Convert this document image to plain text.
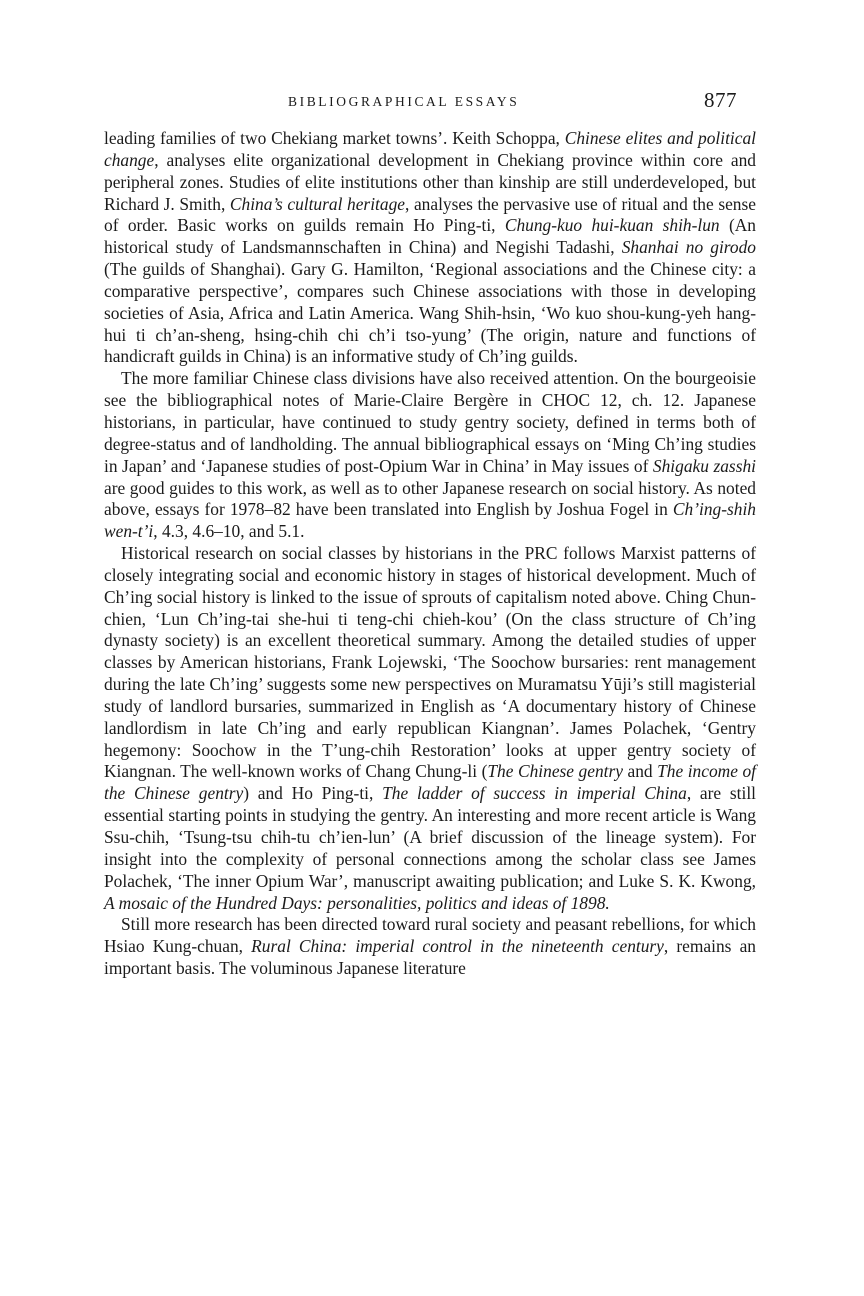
BIBLIOGRAPHICAL ESSAYS	877

leading families of two Chekiang market towns’. Keith Schoppa, Chinese elites and political change, analyses elite organizational development in Chekiang province within core and peripheral zones. Studies of elite institutions other than kinship are still underdeveloped, but Richard J. Smith, China’s cultural heritage, analyses the pervasive use of ritual and the sense of order. Basic works on guilds remain Ho Ping-ti, Chung-kuo hui-kuan shih-lun (An historical study of Landsmannschaften in China) and Negishi Tadashi, Shanhai no girodo (The guilds of Shanghai). Gary G. Hamilton, ‘Regional associations and the Chinese city: a comparative perspective’, compares such Chinese associations with those in developing societies of Asia, Africa and Latin America. Wang Shih-hsin, ‘Wo kuo shou-kung-yeh hang-hui ti ch’an-sheng, hsing-chih chi ch’i tso-yung’ (The origin, nature and functions of handicraft guilds in China) is an informative study of Ch’ing guilds.

The more familiar Chinese class divisions have also received attention. On the bourgeoisie see the bibliographical notes of Marie-Claire Bergère in CHOC 12, ch. 12. Japanese historians, in particular, have continued to study gentry society, defined in terms both of degree-status and of landholding. The annual bibliographical essays on ‘Ming Ch’ing studies in Japan’ and ‘Japanese studies of post-Opium War in China’ in May issues of Shigaku zasshi are good guides to this work, as well as to other Japanese research on social history. As noted above, essays for 1978–82 have been translated into English by Joshua Fogel in Ch’ing-shih wen-t’i, 4.3, 4.6–10, and 5.1.

Historical research on social classes by historians in the PRC follows Marxist patterns of closely integrating social and economic history in stages of historical development. Much of Ch’ing social history is linked to the issue of sprouts of capitalism noted above. Ching Chun-chien, ‘Lun Ch’ing-tai she-hui ti teng-chi chieh-kou’ (On the class structure of Ch’ing dynasty society) is an excellent theoretical summary. Among the detailed studies of upper classes by American historians, Frank Lojewski, ‘The Soochow bursaries: rent management during the late Ch’ing’ suggests some new perspectives on Muramatsu Yūji’s still magisterial study of landlord bursaries, summarized in English as ‘A documentary history of Chinese landlordism in late Ch’ing and early republican Kiangnan’. James Polachek, ‘Gentry hegemony: Soochow in the T’ung-chih Restoration’ looks at upper gentry society of Kiangnan. The well-known works of Chang Chung-li (The Chinese gentry and The income of the Chinese gentry) and Ho Ping-ti, The ladder of success in imperial China, are still essential starting points in studying the gentry. An interesting and more recent article is Wang Ssu-chih, ‘Tsung-tsu chih-tu ch’ien-lun’ (A brief discussion of the lineage system). For insight into the complexity of personal connections among the scholar class see James Polachek, ‘The inner Opium War’, manuscript awaiting publication; and Luke S. K. Kwong, A mosaic of the Hundred Days: personalities, politics and ideas of 1898.

Still more research has been directed toward rural society and peasant rebellions, for which Hsiao Kung-chuan, Rural China: imperial control in the nineteenth century, remains an important basis. The voluminous Japanese literature
